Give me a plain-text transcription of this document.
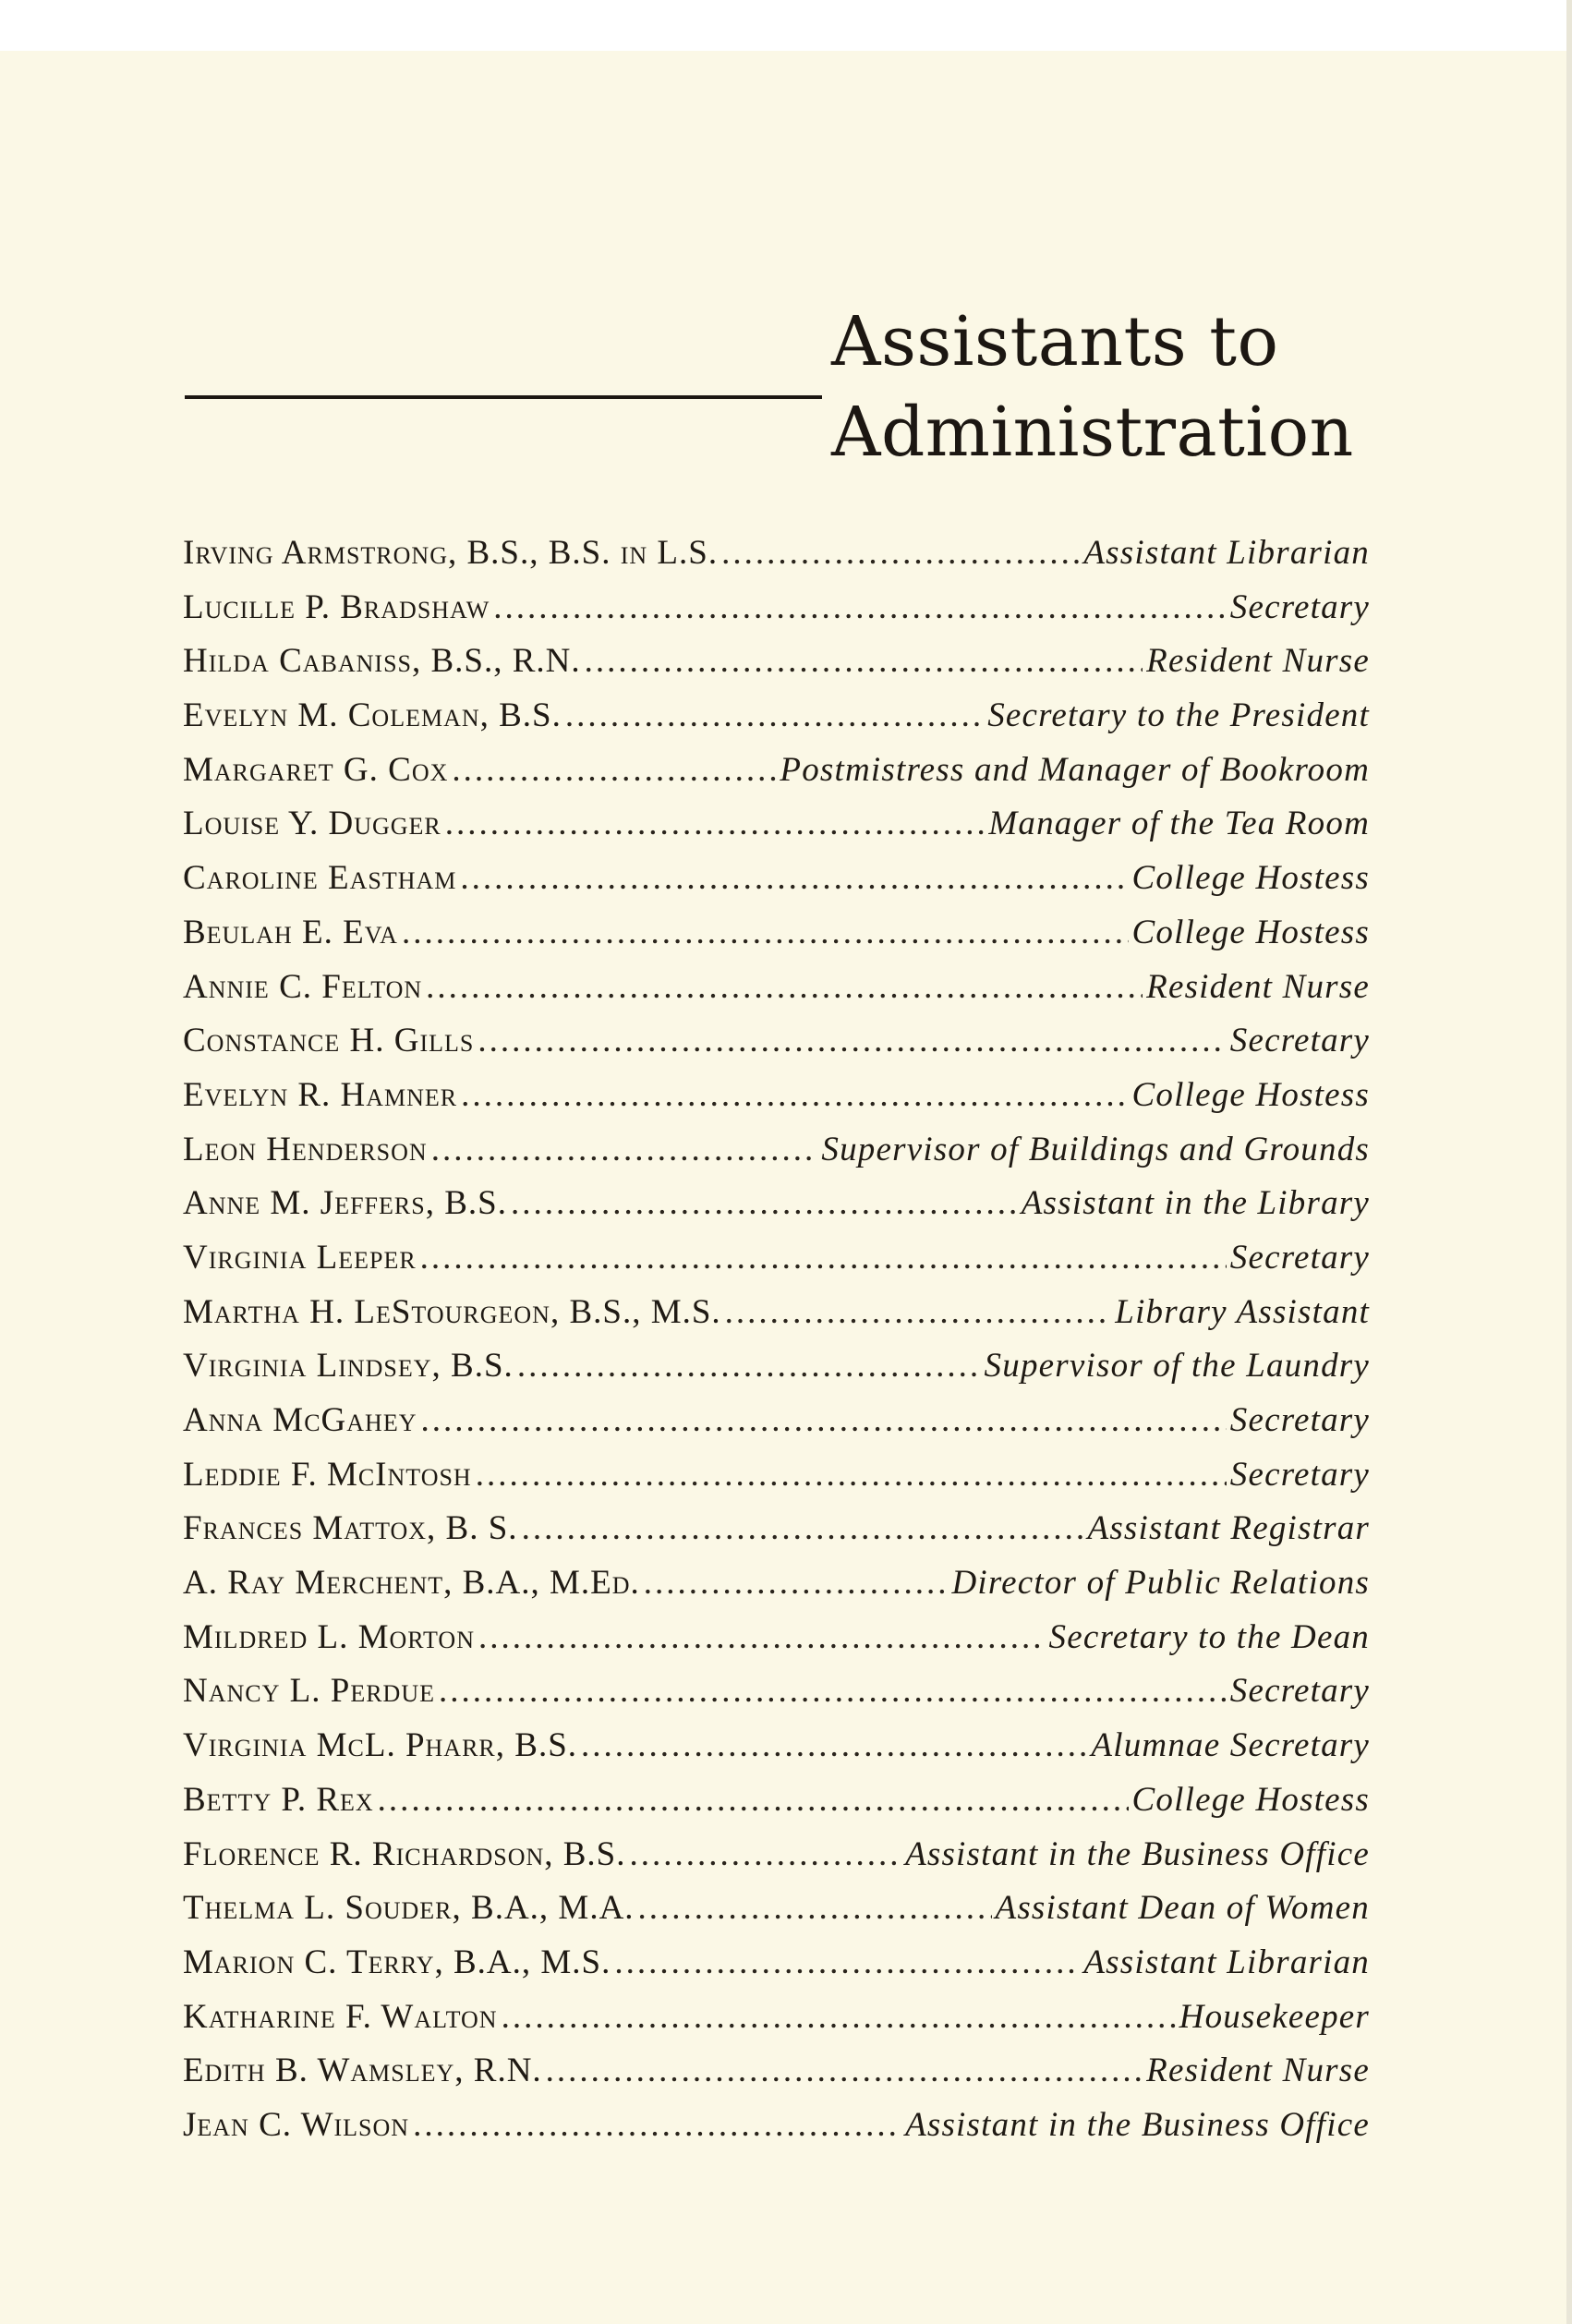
Assistants to
Administration
Irving Armstrong, B.S., B.S. in L.S. .....	Assistant Librarian
Lucille P. Bradshaw .....	Secretary
Hilda Cabaniss, B.S., R.N. .....	Resident Nurse
Evelyn M. Coleman, B.S. .....	Secretary to the President
Margaret G. Cox .....	Postmistress and Manager of Bookroom
Louise Y. Dugger .....	Manager of the Tea Room
Caroline Eastham .....	College Hostess
Beulah E. Eva .....	College Hostess
Annie C. Felton .....	Resident Nurse
Constance H. Gills .....	Secretary
Evelyn R. Hamner .....	College Hostess
Leon Henderson .....	Supervisor of Buildings and Grounds
Anne M. Jeffers, B.S. .....	Assistant in the Library
Virginia Leeper .....	Secretary
Martha H. LeStourgeon, B.S., M.S. .....	Library Assistant
Virginia Lindsey, B.S. .....	Supervisor of the Laundry
Anna McGahey .....	Secretary
Leddie F. McIntosh .....	Secretary
Frances Mattox, B. S. .....	Assistant Registrar
A. Ray Merchent, B.A., M.Ed. .....	Director of Public Relations
Mildred L. Morton .....	Secretary to the Dean
Nancy L. Perdue .....	Secretary
Virginia McL. Pharr, B.S. .....	Alumnae Secretary
Betty P. Rex .....	College Hostess
Florence R. Richardson, B.S. .....	Assistant in the Business Office
Thelma L. Souder, B.A., M.A. .....	Assistant Dean of Women
Marion C. Terry, B.A., M.S. .....	Assistant Librarian
Katharine F. Walton .....	Housekeeper
Edith B. Wamsley, R.N. .....	Resident Nurse
Jean C. Wilson .....	Assistant in the Business Office
